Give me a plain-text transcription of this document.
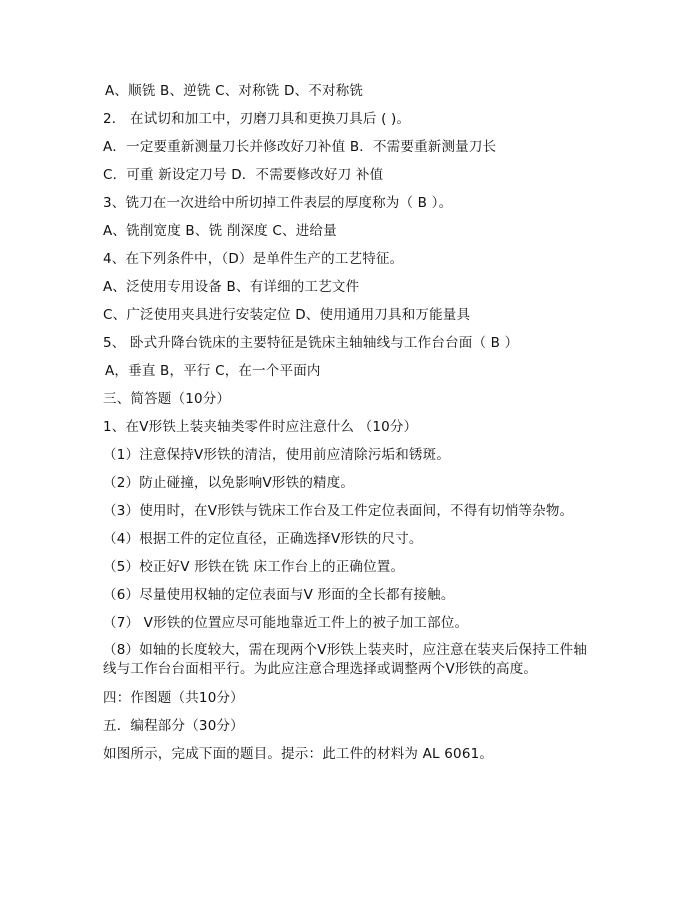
A、顺铣 B、逆铣 C、对称铣 D、不对称铣
2． 在试切和加工中，刃磨刀具和更换刀具后 ( )。
A．一定要重新测量刀长并修改好刀补值 B．不需要重新测量刀长
C．可重 新设定刀号 D．不需要修改好刀 补值
3、铣刀在一次进给中所切掉工件表层的厚度称为（ B ）。
A、铣削宽度 B、铣 削深度 C、进给量
4、在下列条件中，（D）是单件生产的工艺特征。
A、泛使用专用设备 B、有详细的工艺文件
C、广泛使用夹具进行安装定位 D、使用通用刀具和万能量具
5、 卧式升降台铣床的主要特征是铣床主轴轴线与工作台台面（ B ）
A，垂直 B，平行 C，在一个平面内
三、简答题（10分）
1、在Ⅴ形铁上装夹轴类零件时应注意什么 （10分）
（1）注意保持Ⅴ形铁的清洁，使用前应清除污垢和锈斑。
（2）防止碰撞，以免影响Ⅴ形铁的精度。
（3）使用时，在Ⅴ形铁与铣床工作台及工件定位表面间，不得有切悄等杂物。
（4）根据工件的定位直径，正确选择Ⅴ形铁的尺寸。
（5）校正好Ⅴ 形铁在铣 床工作台上的正确位置。
（6）尽量使用权轴的定位表面与Ⅴ 形面的全长都有接触。
（7） Ⅴ形铁的位置应尽可能地靠近工件上的被子加工部位。
（8）如轴的长度较大，需在现两个Ⅴ形铁上装夹时，应注意在装夹后保持工件轴线与工作台台面相平行。为此应注意合理选择或调整两个Ⅴ形铁的高度。
四：作图题（共10分）
五．编程部分（30分）
如图所示，完成下面的题目。提示：此工件的材料为 AL 6061。
